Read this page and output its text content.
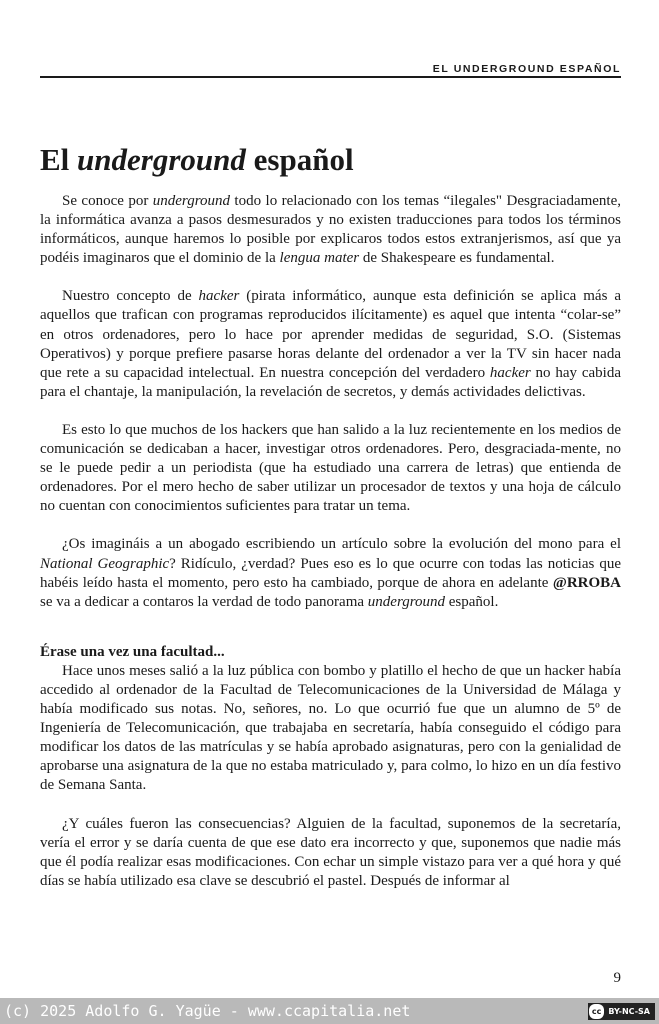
EL UNDERGROUND ESPAÑOL
El underground español

Se conoce por underground todo lo relacionado con los temas “ilegales" Desgraciadamente, la informática avanza a pasos desmesurados y no existen traducciones para todos los términos informáticos, aunque haremos lo posible por explicaros todos estos extranjerismos, así que ya podéis imaginaros que el dominio de la lengua mater de Shakespeare es fundamental.

Nuestro concepto de hacker (pirata informático, aunque esta definición se aplica más a aquellos que trafican con programas reproducidos ilícitamente) es aquel que intenta “colar-se” en otros ordenadores, pero lo hace por aprender medidas de seguridad, S.O. (Sistemas Operativos) y porque prefiere pasarse horas delante del ordenador a ver la TV sin hacer nada que rete a su capacidad intelectual. En nuestra concepción del verdadero hacker no hay cabida para el chantaje, la manipulación, la revelación de secretos, y demás actividades delictivas.

Es esto lo que muchos de los hackers que han salido a la luz recientemente en los medios de comunicación se dedicaban a hacer, investigar otros ordenadores. Pero, desgraciada-mente, no se le puede pedir a un periodista (que ha estudiado una carrera de letras) que entienda de ordenadores. Por el mero hecho de saber utilizar un procesador de textos y una hoja de cálculo no cuentan con conocimientos suficientes para tratar un tema.

¿Os imagináis a un abogado escribiendo un artículo sobre la evolución del mono para el National Geographic? Ridículo, ¿verdad? Pues eso es lo que ocurre con todas las noticias que habéis leído hasta el momento, pero esto ha cambiado, porque de ahora en adelante @RROBA se va a dedicar a contaros la verdad de todo panorama underground español.

Érase una vez una facultad...

Hace unos meses salió a la luz pública con bombo y platillo el hecho de que un hacker había accedido al ordenador de la Facultad de Telecomunicaciones de la Universidad de Málaga y había modificado sus notas. No, señores, no. Lo que ocurrió fue que un alumno de 5º de Ingeniería de Telecomunicación, que trabajaba en secretaría, había conseguido el código para modificar los datos de las matrículas y se había aprobado asignaturas, pero con la genialidad de aprobarse una asignatura de la que no estaba matriculado y, para colmo, lo hizo en un día festivo de Semana Santa.

¿Y cuáles fueron las consecuencias? Alguien de la facultad, suponemos de la secretaría, vería el error y se daría cuenta de que ese dato era incorrecto y que, suponemos que nadie más que él podía realizar esas modificaciones. Con echar un simple vistazo para ver a qué hora y qué días se había utilizado esa clave se descubrió el pastel. Después de informar al

9
(c) 2025 Adolfo G. Yagüe - www.ccapitalia.net	cc BY-NC-SA
